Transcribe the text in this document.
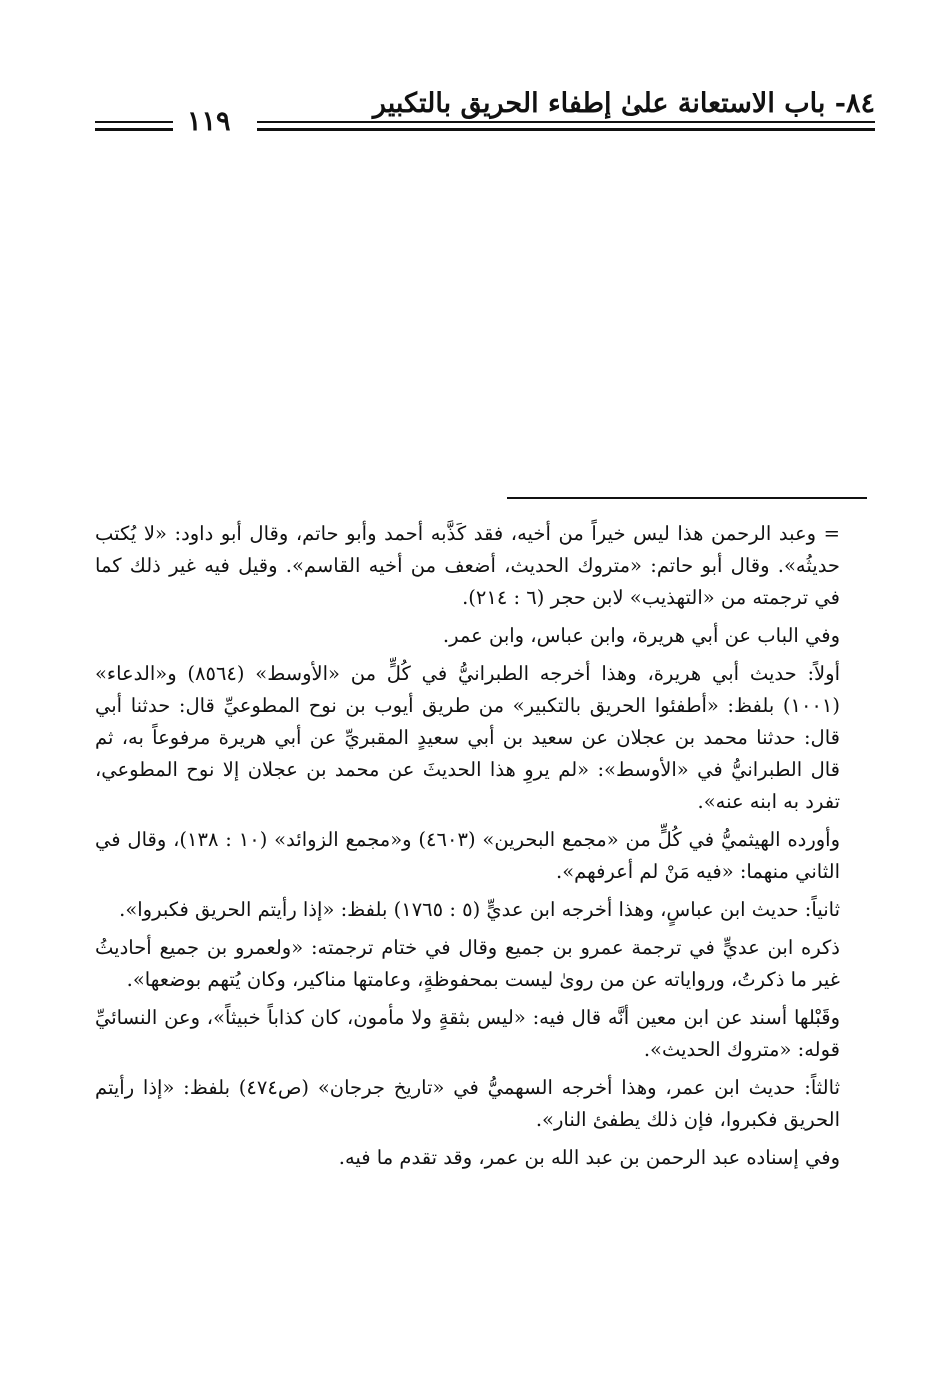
٨٤- باب الاستعانة علىٰ إطفاء الحريق بالتكبير
١١٩

= وعبد الرحمن هذا ليس خيراً من أخيه، فقد كَذَّبه أحمد وأبو حاتم، وقال أبو داود: «لا يُكتب حديثُه». وقال أبو حاتم: «متروك الحديث، أضعف من أخيه القاسم». وقيل فيه غير ذلك كما في ترجمته من «التهذيب» لابن حجر (٦ : ٢١٤).

وفي الباب عن أبي هريرة، وابن عباس، وابن عمر.

أولاً: حديث أبي هريرة، وهذا أخرجه الطبرانيُّ في كُلٍّ من «الأوسط» (٨٥٦٤) و«الدعاء» (١٠٠١) بلفظ: «أطفئوا الحريق بالتكبير» من طريق أيوب بن نوح المطوعيِّ قال: حدثنا أبي قال: حدثنا محمد بن عجلان عن سعيد بن أبي سعيدٍ المقبريِّ عن أبي هريرة مرفوعاً به، ثم قال الطبرانيُّ في «الأوسط»: «لم يروِ هذا الحديثَ عن محمد بن عجلان إلا نوح المطوعي، تفرد به ابنه عنه».

وأورده الهيثميُّ في كُلٍّ من «مجمع البحرين» (٤٦٠٣) و«مجمع الزوائد» (١٠ : ١٣٨)، وقال في الثاني منهما: «فيه مَنْ لم أعرفهم».

ثانياً: حديث ابن عباسٍ، وهذا أخرجه ابن عديٍّ (٥ : ١٧٦٥) بلفظ: «إذا رأيتم الحريق فكبروا».

ذكره ابن عديٍّ في ترجمة عمرو بن جميع وقال في ختام ترجمته: «ولعمرو بن جميع أحاديثُ غير ما ذكرتُ، ورواياته عن من روىٰ ليست بمحفوظةٍ، وعامتها مناكير، وكان يُتهم بوضعها».

وقَبْلها أسند عن ابن معين أنَّه قال فيه: «ليس بثقةٍ ولا مأمون، كان كذاباً خبيثاً»، وعن النسائيِّ قوله: «متروك الحديث».

ثالثاً: حديث ابن عمر، وهذا أخرجه السهميُّ في «تاريخ جرجان» (ص٤٧٤) بلفظ: «إذا رأيتم الحريق فكبروا، فإن ذلك يطفئ النار».

وفي إسناده عبد الرحمن بن عبد الله بن عمر، وقد تقدم ما فيه.
